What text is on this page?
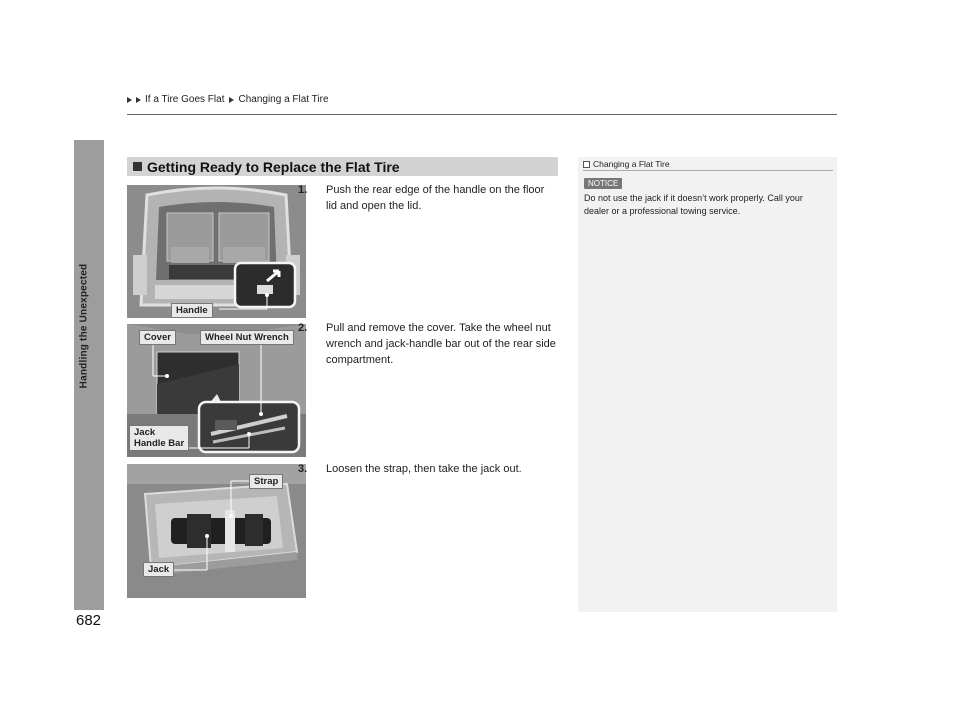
If a Tire Goes Flat Changing a Flat Tire
Handling the Unexpected
682
Getting Ready to Replace the Flat Tire
Handle
Cover	Wheel Nut Wrench
Jack
Handle Bar
Strap
Jack
1. Push the rear edge of the handle on the floor lid and open the lid.
2. Pull and remove the cover. Take the wheel nut wrench and jack-handle bar out of the rear side compartment.
3. Loosen the strap, then take the jack out.
Changing a Flat Tire
NOTICE
Do not use the jack if it doesn’t work properly. Call your dealer or a professional towing service.
